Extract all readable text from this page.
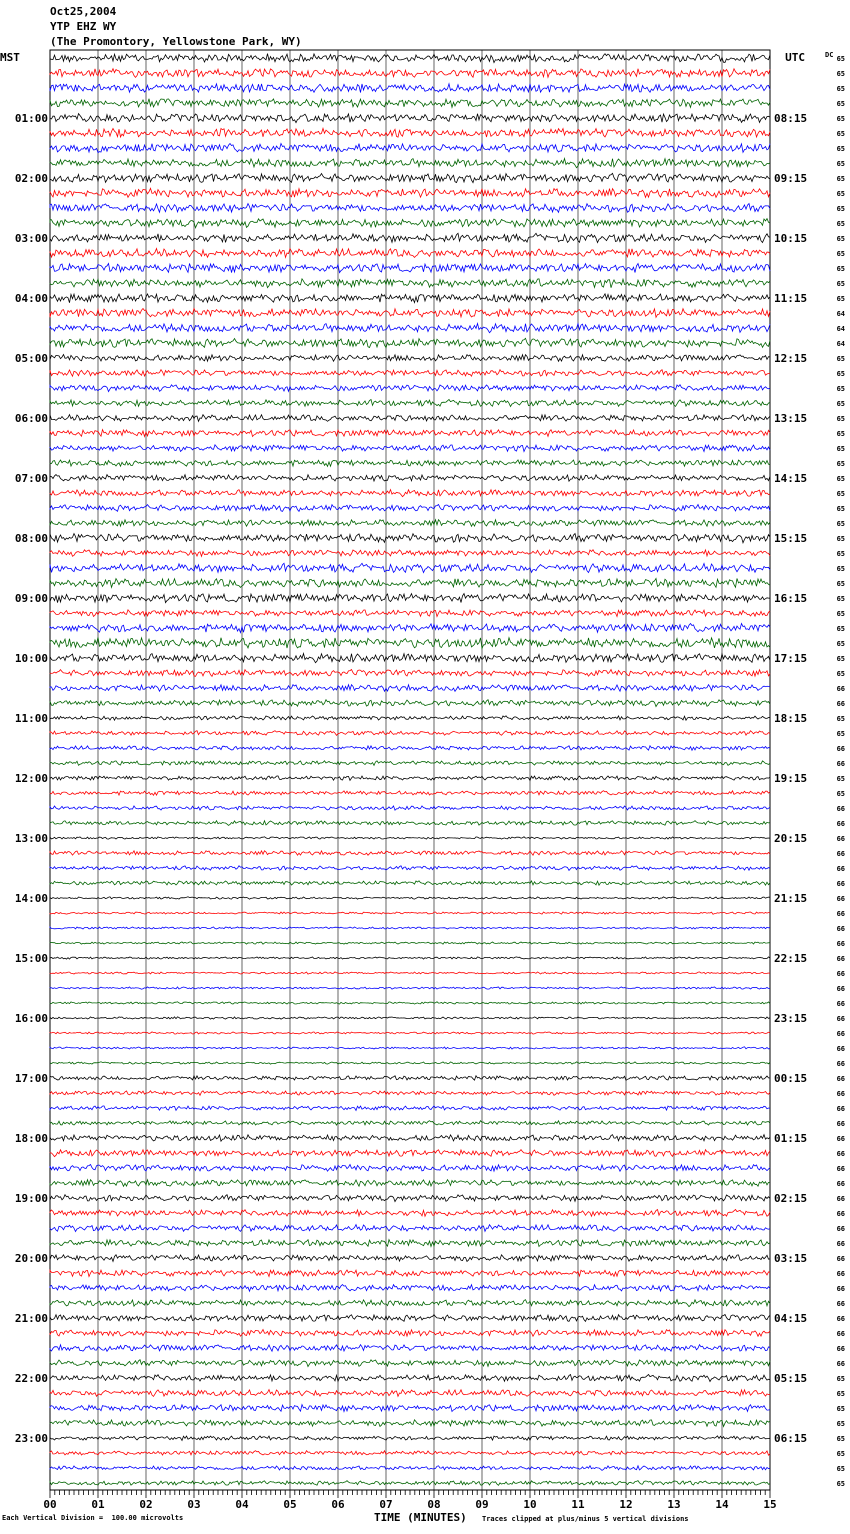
Oct25,2004
YTP EHZ WY
(The Promontory, Yellowstone Park, WY)
MST	UTC	DC
01:00
02:00
03:00
04:00
05:00
06:00
07:00
08:00
09:00
10:00
11:00
12:00
13:00
14:00
15:00
16:00
17:00
18:00
19:00
20:00
21:00
22:00
23:00
08:15
09:15
10:15
11:15
12:15
13:15
14:15
15:15
16:15
17:15
18:15
19:15
20:15
21:15
22:15
23:15
00:15
01:15
02:15
03:15
04:15
05:15
06:15
65
65
65
65
65
65
65
65
65
65
65
65
65
65
65
65
65
64
64
64
65
65
65
65
65
65
65
65
65
65
65
65
65
65
65
65
65
65
65
65
65
65
66
66
65
65
66
66
65
65
66
66
66
66
66
66
66
66
66
66
66
66
66
66
66
66
66
66
66
66
66
66
66
66
66
66
66
66
66
66
66
66
66
66
66
66
66
66
65
65
65
65
65
65
65
65
00	01	02	03	04	05	06	07	08	09	10	11	12	13	14	15
Each Vertical Division =  100.00 microvolts	TIME (MINUTES) Traces clipped at plus/minus 5 vertical divisions
